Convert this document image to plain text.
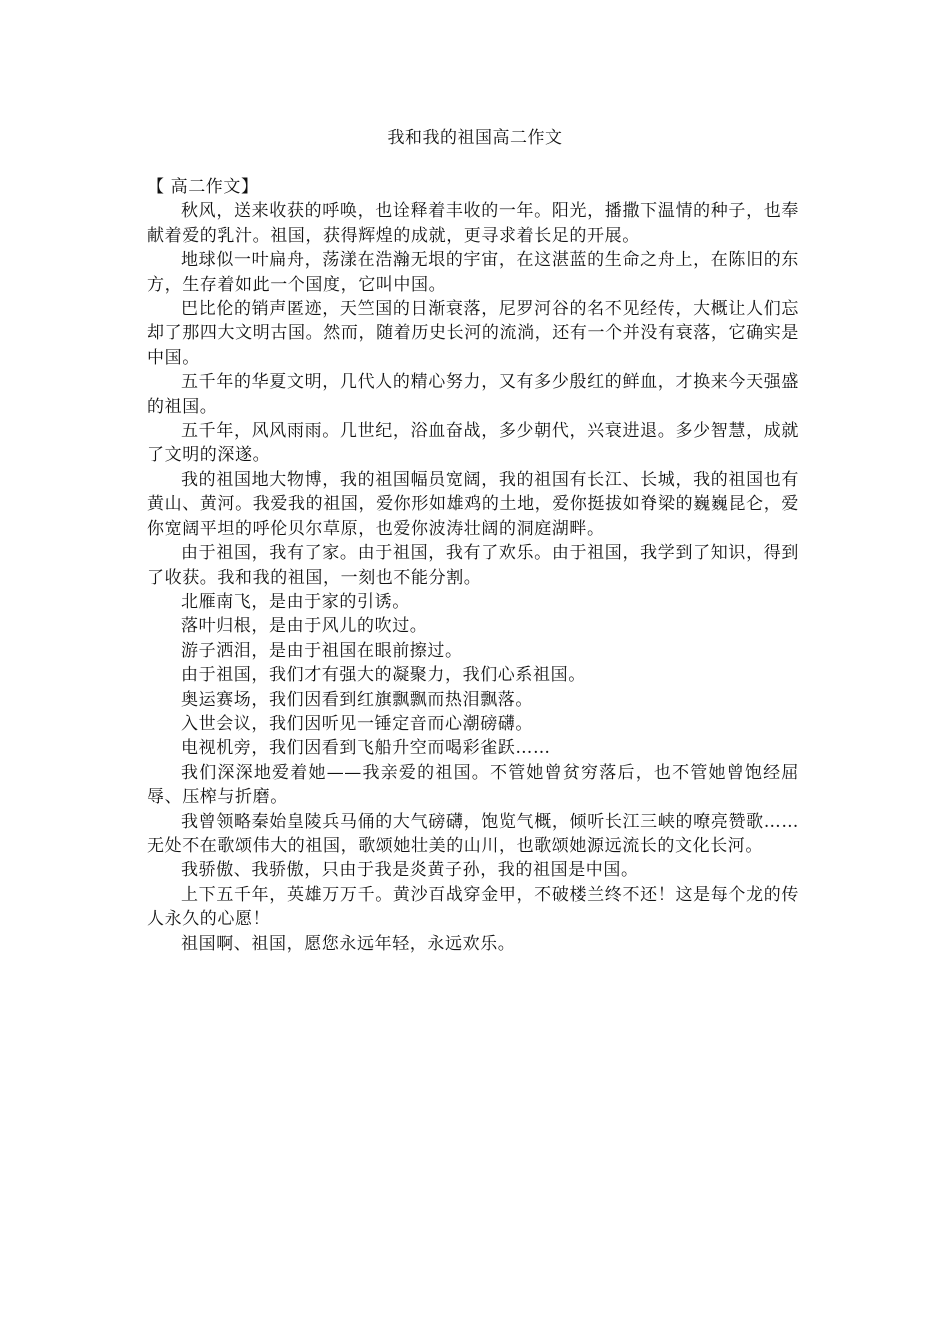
我和我的祖国高二作文

【 高二作文】

秋风，送来收获的呼唤，也诠释着丰收的一年。阳光，播撒下温情的种子，也奉献着爱的乳汁。祖国，获得辉煌的成就，更寻求着长足的开展。

地球似一叶扁舟，荡漾在浩瀚无垠的宇宙，在这湛蓝的生命之舟上，在陈旧的东方，生存着如此一个国度，它叫中国。

巴比伦的销声匿迹，天竺国的日渐衰落，尼罗河谷的名不见经传，大概让人们忘却了那四大文明古国。然而，随着历史长河的流淌，还有一个并没有衰落，它确实是中国。

五千年的华夏文明，几代人的精心努力，又有多少殷红的鲜血，才换来今天强盛的祖国。

五千年，风风雨雨。几世纪，浴血奋战，多少朝代，兴衰进退。多少智慧，成就了文明的深遂。

我的祖国地大物博，我的祖国幅员宽阔，我的祖国有长江、长城，我的祖国也有黄山、黄河。我爱我的祖国，爱你形如雄鸡的土地，爱你挺拔如脊梁的巍巍昆仑，爱你宽阔平坦的呼伦贝尔草原，也爱你波涛壮阔的洞庭湖畔。

由于祖国，我有了家。由于祖国，我有了欢乐。由于祖国，我学到了知识，得到了收获。我和我的祖国，一刻也不能分割。

北雁南飞，是由于家的引诱。

落叶归根，是由于风儿的吹过。

游子洒泪，是由于祖国在眼前擦过。

由于祖国，我们才有强大的凝聚力，我们心系祖国。

奥运赛场，我们因看到红旗飘飘而热泪飘落。

入世会议，我们因听见一锤定音而心潮磅礴。

电视机旁，我们因看到飞船升空而喝彩雀跃……

我们深深地爱着她——我亲爱的祖国。不管她曾贫穷落后，也不管她曾饱经屈辱、压榨与折磨。

我曾领略秦始皇陵兵马俑的大气磅礴，饱览气概，倾听长江三峡的嘹亮赞歌……无处不在歌颂伟大的祖国，歌颂她壮美的山川，也歌颂她源远流长的文化长河。

我骄傲、我骄傲，只由于我是炎黄子孙，我的祖国是中国。

上下五千年，英雄万万千。黄沙百战穿金甲，不破楼兰终不还！这是每个龙的传人永久的心愿！

祖国啊、祖国，愿您永远年轻，永远欢乐。
